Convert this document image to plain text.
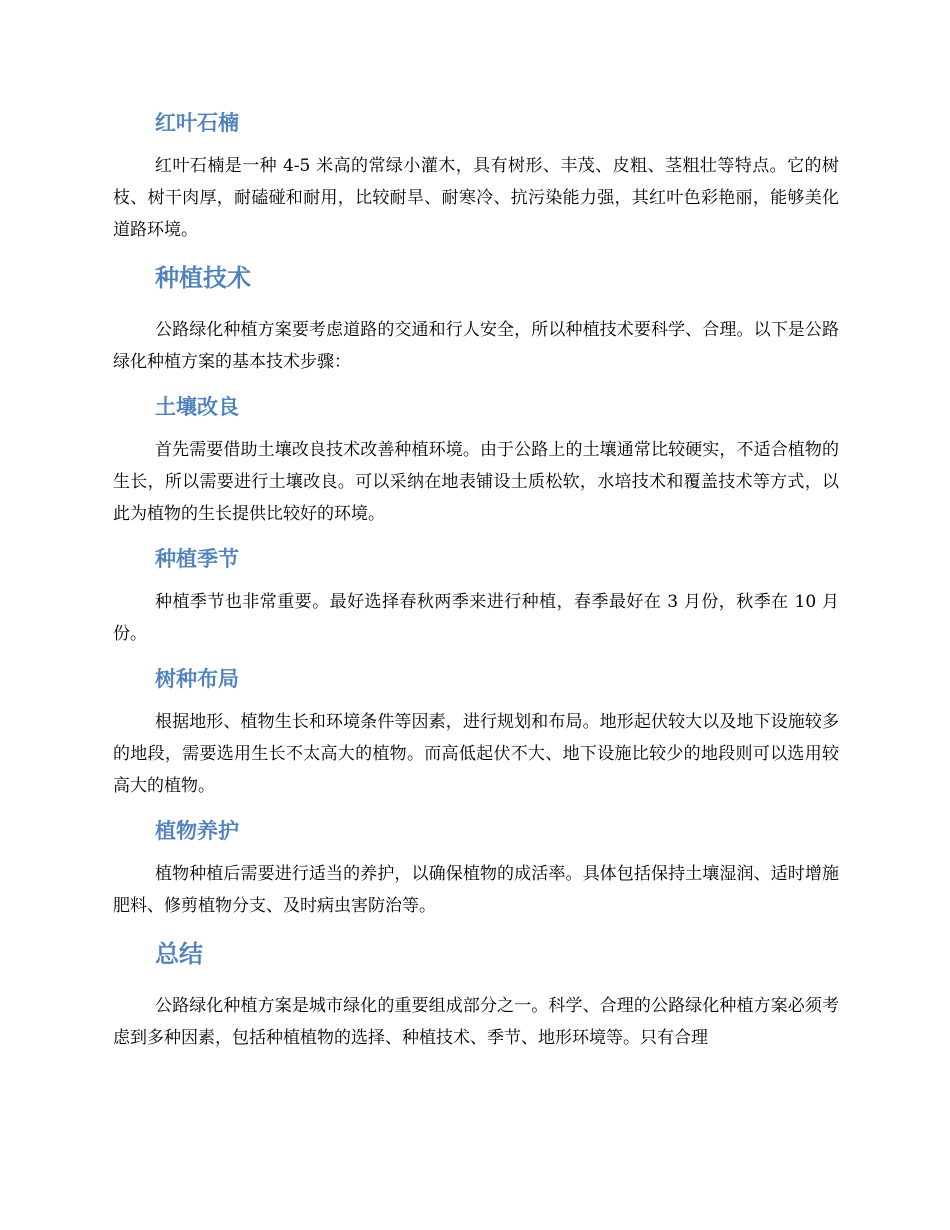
红叶石楠

红叶石楠是一种 4-5 米高的常绿小灌木，具有树形、丰茂、皮粗、茎粗壮等特点。它的树枝、树干肉厚，耐磕碰和耐用，比较耐旱、耐寒冷、抗污染能力强，其红叶色彩艳丽，能够美化道路环境。

种植技术

公路绿化种植方案要考虑道路的交通和行人安全，所以种植技术要科学、合理。以下是公路绿化种植方案的基本技术步骤：

土壤改良

首先需要借助土壤改良技术改善种植环境。由于公路上的土壤通常比较硬实，不适合植物的生长，所以需要进行土壤改良。可以采纳在地表铺设土质松软，水培技术和覆盖技术等方式，以此为植物的生长提供比较好的环境。

种植季节

种植季节也非常重要。最好选择春秋两季来进行种植，春季最好在 3 月份，秋季在 10 月份。

树种布局

根据地形、植物生长和环境条件等因素，进行规划和布局。地形起伏较大以及地下设施较多的地段，需要选用生长不太高大的植物。而高低起伏不大、地下设施比较少的地段则可以选用较高大的植物。

植物养护

植物种植后需要进行适当的养护，以确保植物的成活率。具体包括保持土壤湿润、适时增施肥料、修剪植物分支、及时病虫害防治等。

总结

公路绿化种植方案是城市绿化的重要组成部分之一。科学、合理的公路绿化种植方案必须考虑到多种因素，包括种植植物的选择、种植技术、季节、地形环境等。只有合理
